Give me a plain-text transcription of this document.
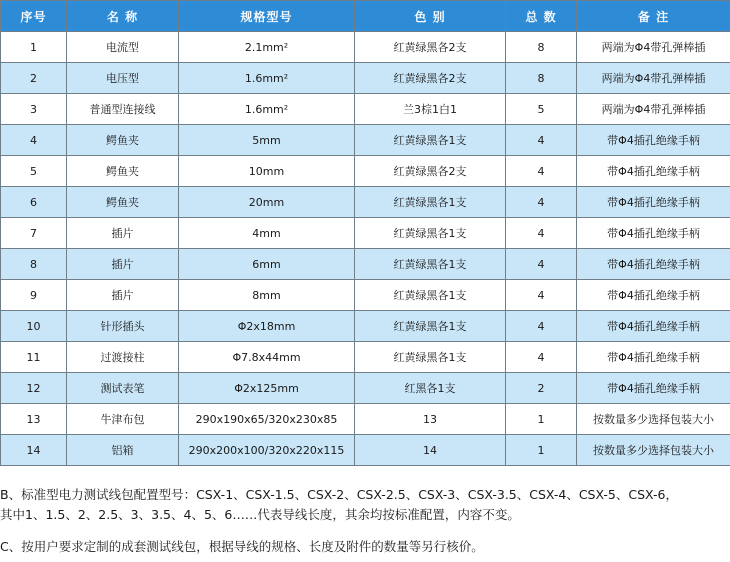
序号	名 称	规格型号	色 别	总 数	备 注
1	电流型	2.1mm²	红黄绿黑各2支	8	两端为Φ4带孔弹棒插
2	电压型	1.6mm²	红黄绿黑各2支	8	两端为Φ4带孔弹棒插
3	普通型连接线	1.6mm²	兰3棕1白1	5	两端为Φ4带孔弹棒插
4	鳄鱼夹	5mm	红黄绿黑各1支	4	带Φ4插孔绝缘手柄
5	鳄鱼夹	10mm	红黄绿黑各2支	4	带Φ4插孔绝缘手柄
6	鳄鱼夹	20mm	红黄绿黑各1支	4	带Φ4插孔绝缘手柄
7	插片	4mm	红黄绿黑各1支	4	带Φ4插孔绝缘手柄
8	插片	6mm	红黄绿黑各1支	4	带Φ4插孔绝缘手柄
9	插片	8mm	红黄绿黑各1支	4	带Φ4插孔绝缘手柄
10	针形插头	Φ2x18mm	红黄绿黑各1支	4	带Φ4插孔绝缘手柄
11	过渡接柱	Φ7.8x44mm	红黄绿黑各1支	4	带Φ4插孔绝缘手柄
12	测试表笔	Φ2x125mm	红黑各1支	2	带Φ4插孔绝缘手柄
13	牛津布包	290x190x65/320x230x85	13	1	按数量多少选择包装大小
14	铝箱	290x200x100/320x220x115	14	1	按数量多少选择包装大小
B、标准型电力测试线包配置型号：CSX-1、CSX-1.5、CSX-2、CSX-2.5、CSX-3、CSX-3.5、CSX-4、CSX-5、CSX-6，
其中1、1.5、2、2.5、3、3.5、4、5、6……代表导线长度，其余均按标准配置，内容不变。
C、按用户要求定制的成套测试线包，根据导线的规格、长度及附件的数量等另行核价。
